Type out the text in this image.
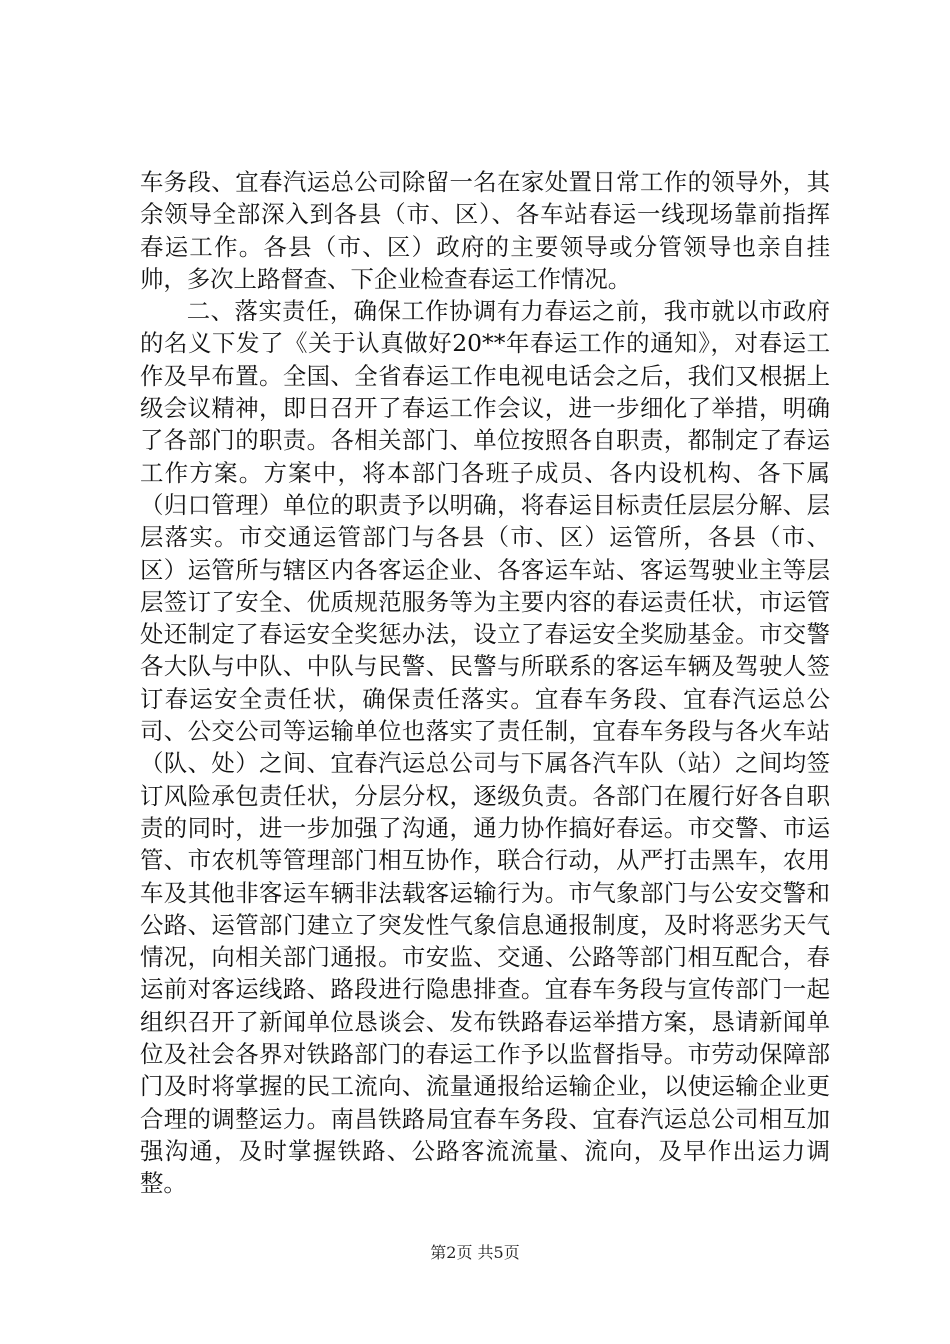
车务段、宜春汽运总公司除留一名在家处置日常工作的领导外，其余领导全部深入到各县（市、区）、各车站春运一线现场靠前指挥春运工作。各县（市、区）政府的主要领导或分管领导也亲自挂帅，多次上路督查、下企业检查春运工作情况。

二、落实责任，确保工作协调有力春运之前，我市就以市政府的名义下发了《关于认真做好20**年春运工作的通知》，对春运工作及早布置。全国、全省春运工作电视电话会之后，我们又根据上级会议精神，即日召开了春运工作会议，进一步细化了举措，明确了各部门的职责。各相关部门、单位按照各自职责，都制定了春运工作方案。方案中，将本部门各班子成员、各内设机构、各下属（归口管理）单位的职责予以明确，将春运目标责任层层分解、层层落实。市交通运管部门与各县（市、区）运管所，各县（市、区）运管所与辖区内各客运企业、各客运车站、客运驾驶业主等层层签订了安全、优质规范服务等为主要内容的春运责任状，市运管处还制定了春运安全奖惩办法，设立了春运安全奖励基金。市交警各大队与中队、中队与民警、民警与所联系的客运车辆及驾驶人签订春运安全责任状，确保责任落实。宜春车务段、宜春汽运总公司、公交公司等运输单位也落实了责任制，宜春车务段与各火车站（队、处）之间、宜春汽运总公司与下属各汽车队（站）之间均签订风险承包责任状，分层分权，逐级负责。各部门在履行好各自职责的同时，进一步加强了沟通，通力协作搞好春运。市交警、市运管、市农机等管理部门相互协作，联合行动，从严打击黑车，农用车及其他非客运车辆非法载客运输行为。市气象部门与公安交警和公路、运管部门建立了突发性气象信息通报制度，及时将恶劣天气情况，向相关部门通报。市安监、交通、公路等部门相互配合，春运前对客运线路、路段进行隐患排查。宜春车务段与宣传部门一起组织召开了新闻单位恳谈会、发布铁路春运举措方案，恳请新闻单位及社会各界对铁路部门的春运工作予以监督指导。市劳动保障部门及时将掌握的民工流向、流量通报给运输企业，以使运输企业更合理的调整运力。南昌铁路局宜春车务段、宜春汽运总公司相互加强沟通，及时掌握铁路、公路客流流量、流向，及早作出运力调整。

第2页 共5页
